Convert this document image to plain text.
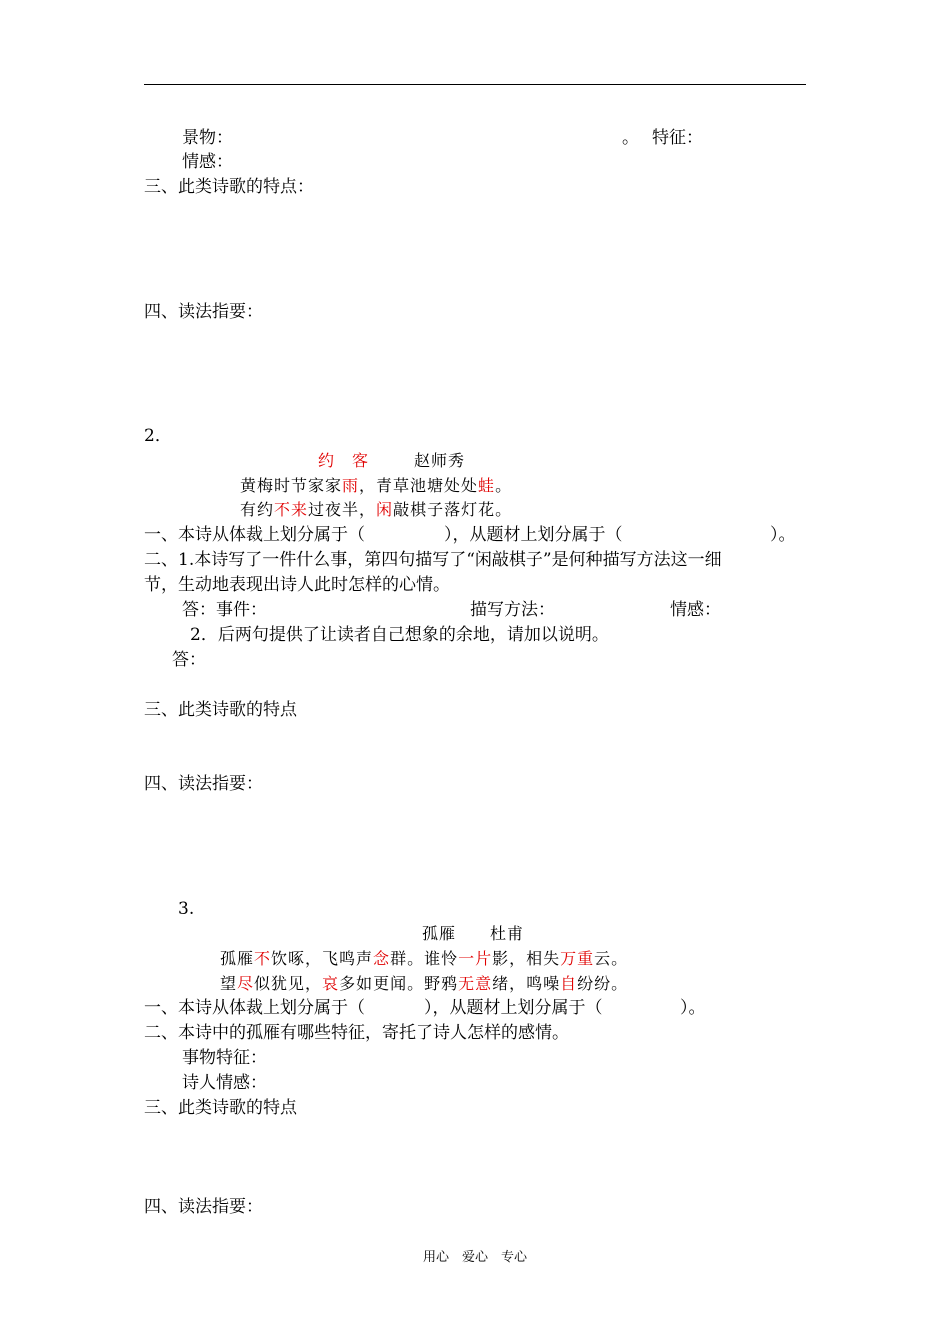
景物：	。 特征：
情感：
三、此类诗歌的特点：
四、读法指要：
2．
约　客	赵师秀
黄梅时节家家雨，青草池塘处处蛙。
有约不来过夜半，闲敲棋子落灯花。
一、本诗从体裁上划分属于（	），从题材上划分属于（	）。
二、1.本诗写了一件什么事，第四句描写了“闲敲棋子”是何种描写方法这一细
节，生动地表现出诗人此时怎样的心情。
答：事件：	描写方法：	情感：
2．后两句提供了让读者自己想象的余地，请加以说明。
答：
三、此类诗歌的特点
四、读法指要：
3.
孤雁 杜甫
孤雁不饮啄，飞鸣声念群。谁怜一片影，相失万重云。
望尽似犹见，哀多如更闻。野鸦无意绪，鸣噪自纷纷。
一、本诗从体裁上划分属于（	），从题材上划分属于（	）。
二、本诗中的孤雁有哪些特征，寄托了诗人怎样的感情。
事物特征：
诗人情感：
三、此类诗歌的特点
四、读法指要：
用心　爱心　专心
